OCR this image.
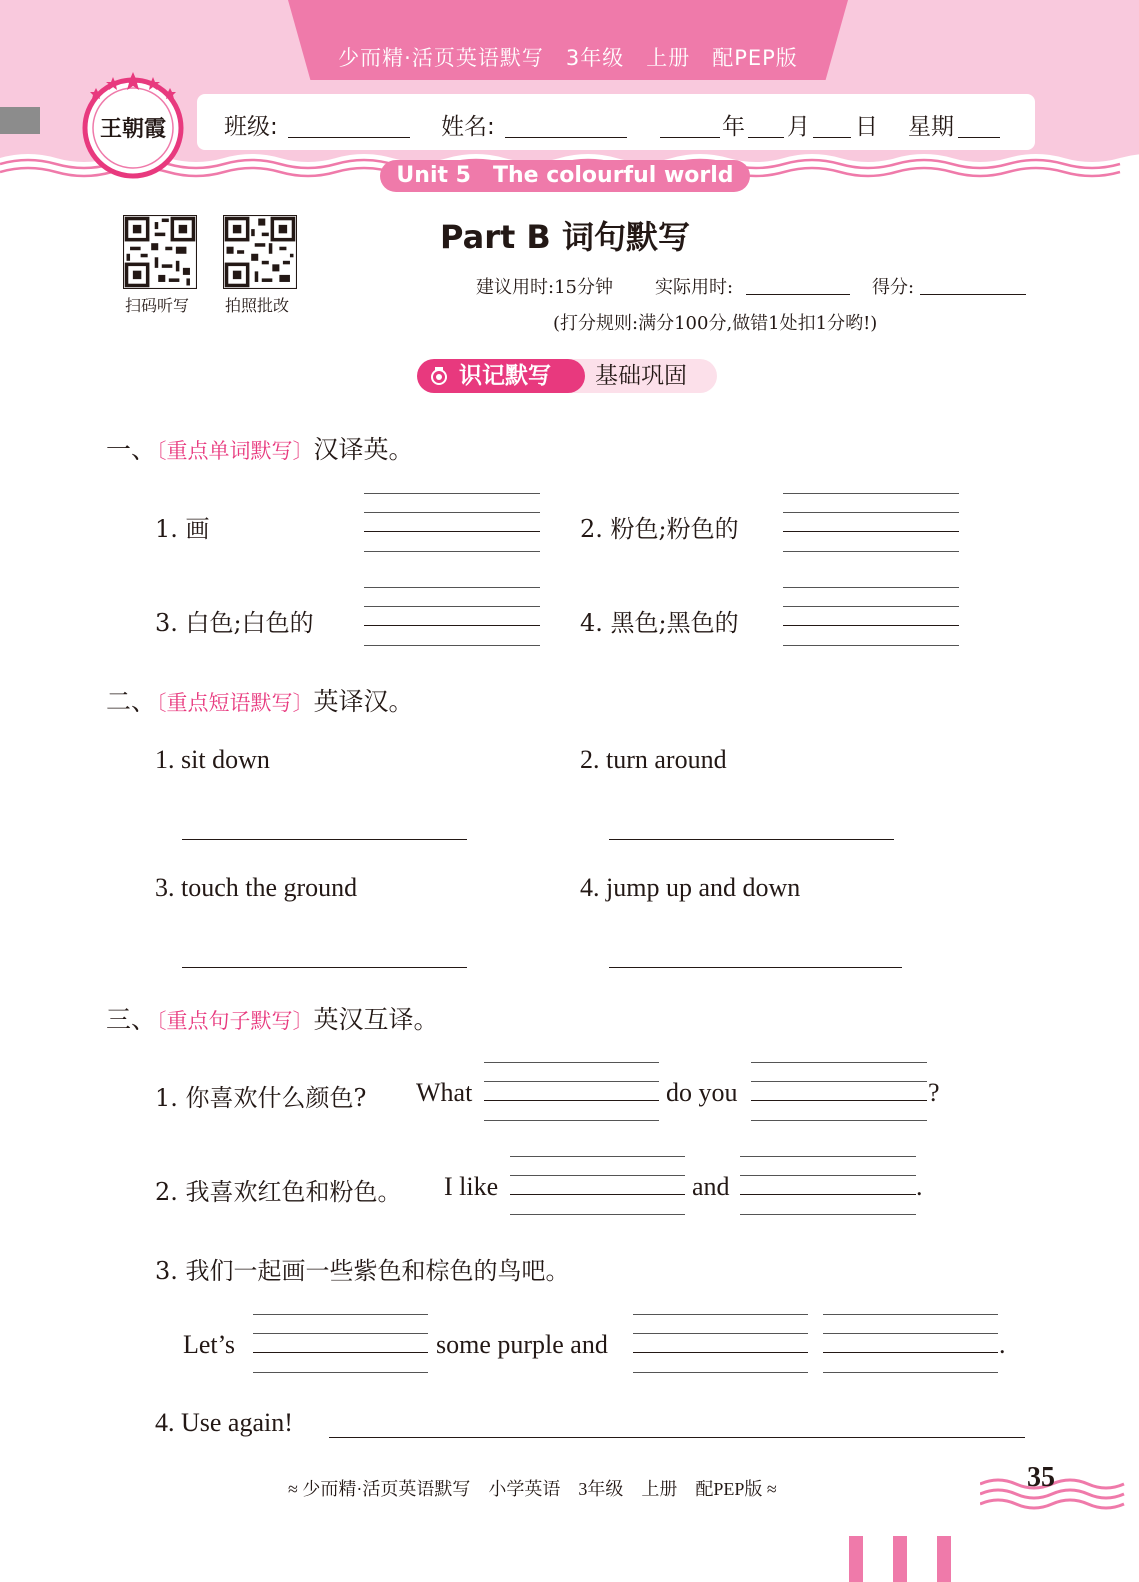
少而精·活页英语默写　3年级　上册　配PEP版
班级:	姓名:	年 月 日 星期
王朝霞
Unit 5　The colourful world
扫码听写 拍照批改
Part B 词句默写
建议用时:15分钟 实际用时:	得分:
(打分规则:满分100分,做错1处扣1分哟!)
基础巩固
识记默写
一、〔重点单词默写〕汉译英。
1. 画	2. 粉色;粉色的
3. 白色;白色的	4. 黑色;黑色的
二、〔重点短语默写〕英译汉。
1. sit down	2. turn around
3. touch the ground	4. jump up and down
三、〔重点句子默写〕英汉互译。
1. 你喜欢什么颜色? What	do you	?
2. 我喜欢红色和粉色。 I like	and	.
3. 我们一起画一些紫色和棕色的鸟吧。
Let’s	some purple and	.
4. Use again!
≈ 少而精·活页英语默写　小学英语　3年级　上册　配PEP版 ≈	35
